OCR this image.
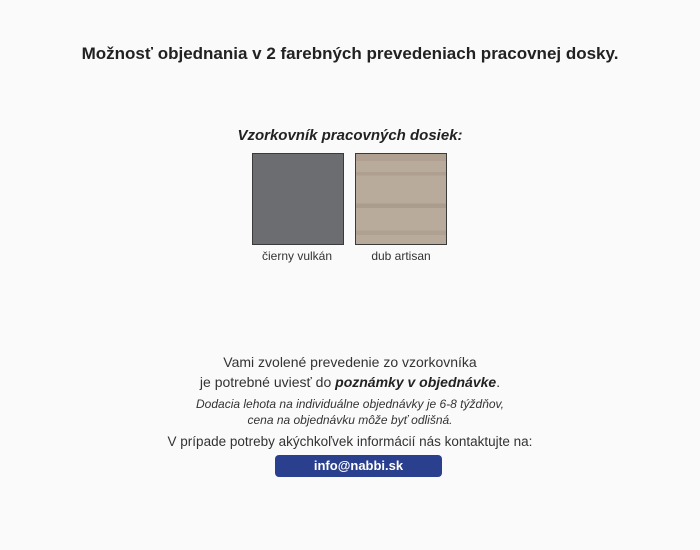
Možnosť objednania v 2 farebných prevedeniach pracovnej dosky.
Vzorkovník pracovných dosiek:
čierny vulkán	dub artisan
Vami zvolené prevedenie zo vzorkovníka
je potrebné uviesť do poznámky v objednávke.
Dodacia lehota na individuálne objednávky je 6-8 týždňov,
cena na objednávku môže byť odlišná.
V prípade potreby akýchkoľvek informácií nás kontaktujte na:
info@nabbi.sk
